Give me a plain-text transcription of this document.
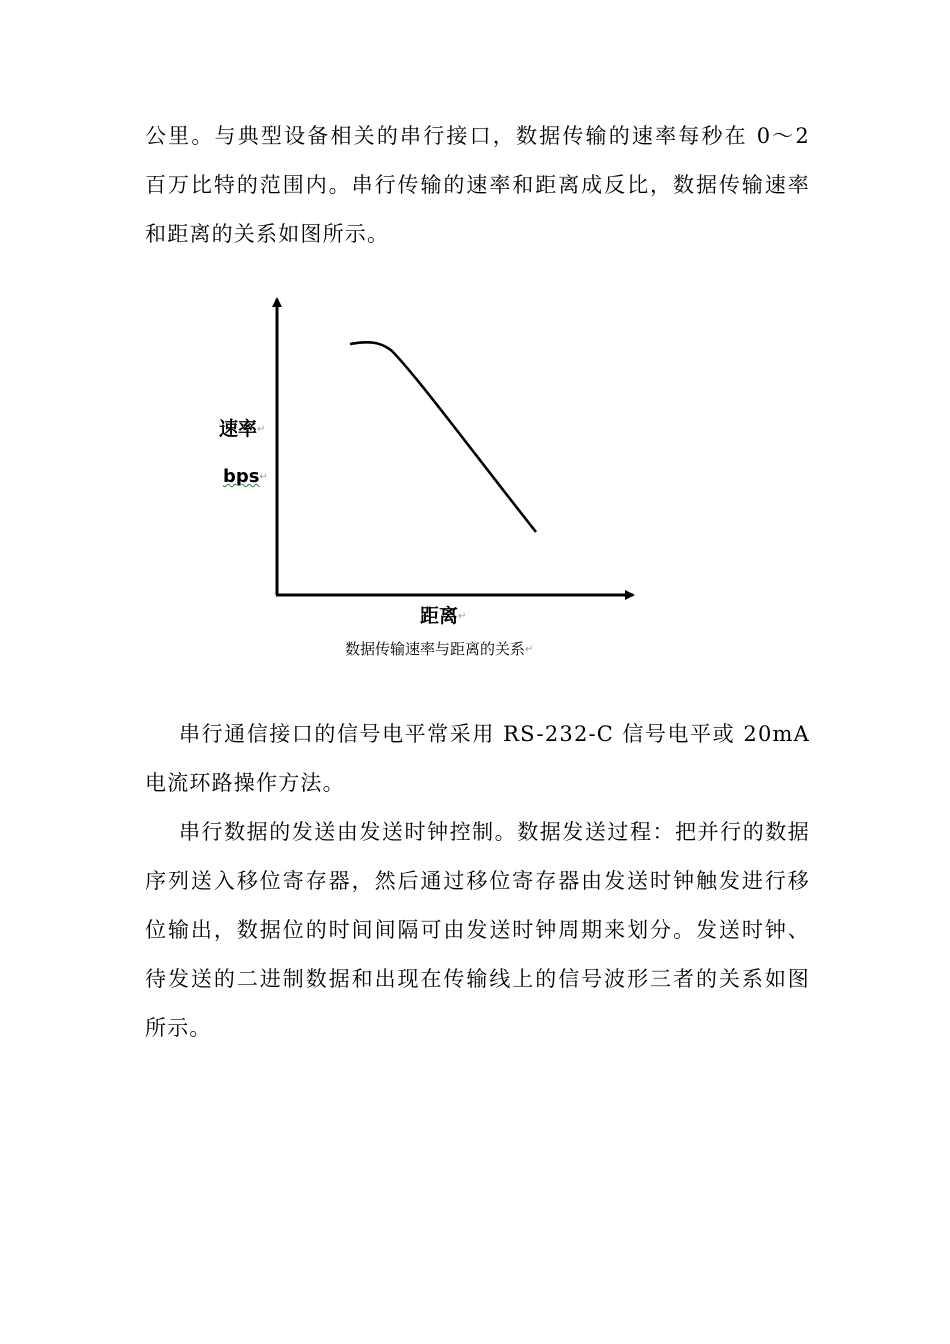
公里。与典型设备相关的串行接口，数据传输的速率每秒在 0～2 百万比特的范围内。串行传输的速率和距离成反比，数据传输速率和距离的关系如图所示。

速率↵
bps↵
距离↵
数据传输速率与距离的关系↵

串行通信接口的信号电平常采用 RS-232-C 信号电平或 20mA 电流环路操作方法。

串行数据的发送由发送时钟控制。数据发送过程：把并行的数据序列送入移位寄存器，然后通过移位寄存器由发送时钟触发进行移位输出，数据位的时间间隔可由发送时钟周期来划分。发送时钟、待发送的二进制数据和出现在传输线上的信号波形三者的关系如图所示。
